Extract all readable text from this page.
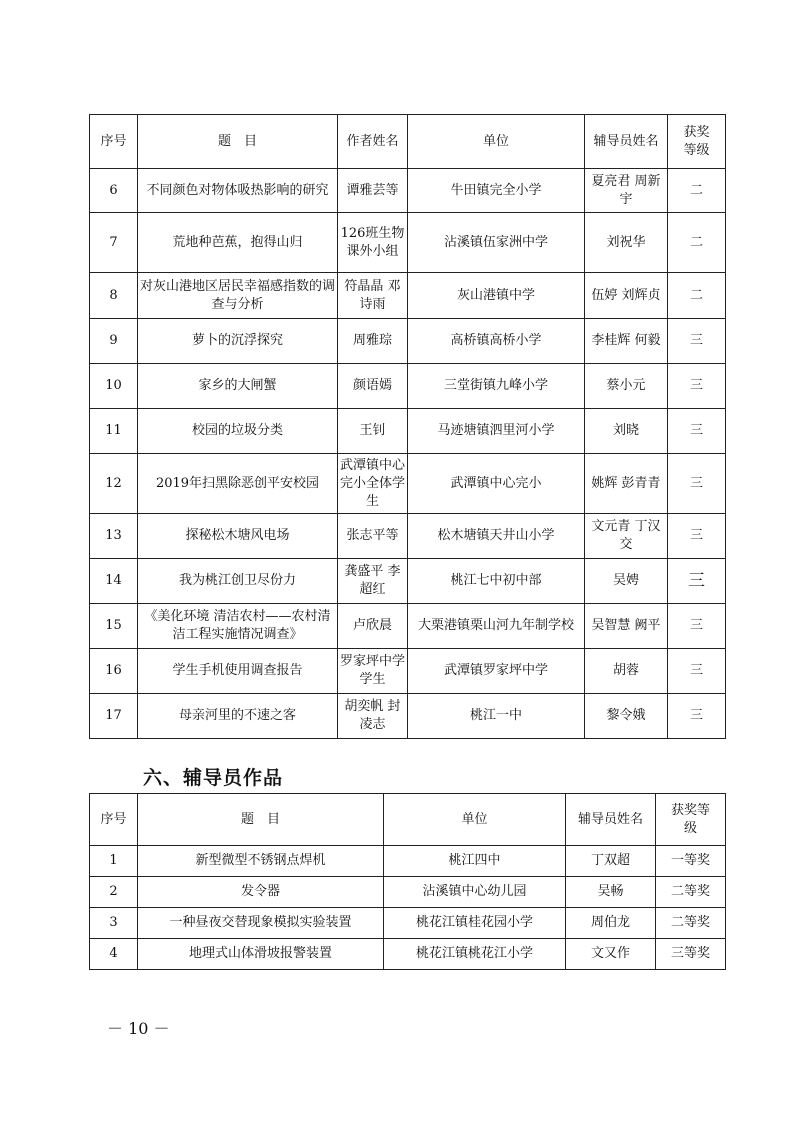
序号	题　目	作者姓名	单位	辅导员姓名	获奖等级
6	不同颜色对物体吸热影响的研究	谭雅芸等	牛田镇完全小学	夏亮君 周新宇	二
7	荒地种芭蕉，抱得山归	126班生物课外小组	沾溪镇伍家洲中学	刘祝华	二
8	对灰山港地区居民幸福感指数的调查与分析	符晶晶 邓诗雨	灰山港镇中学	伍婷 刘辉贞	二
9	萝卜的沉浮探究	周雅琮	高桥镇高桥小学	李桂辉 何毅	三
10	家乡的大闸蟹	颜语嫣	三堂街镇九峰小学	蔡小元	三
11	校园的垃圾分类	王钊	马迹塘镇泗里河小学	刘晓	三
12	2019年扫黑除恶创平安校园	武潭镇中心完小全体学生	武潭镇中心完小	姚辉 彭青青	三
13	探秘松木塘风电场	张志平等	松木塘镇天井山小学	文元青 丁汉交	三
14	我为桃江创卫尽份力	龚盛平 李超红	桃江七中初中部	吴娉	三
15	《美化环境 清洁农村——农村清洁工程实施情况调查》	卢欣晨	大栗港镇栗山河九年制学校	吴智慧 阙平	三
16	学生手机使用调查报告	罗家坪中学学生	武潭镇罗家坪中学	胡蓉	三
17	母亲河里的不速之客	胡奕帆 封凌志	桃江一中	黎令娥	三
六、辅导员作品
序号	题　目	单位	辅导员姓名	获奖等级
1	新型微型不锈钢点焊机	桃江四中	丁双超	一等奖
2	发令器	沾溪镇中心幼儿园	吴畅	二等奖
3	一种昼夜交替现象模拟实验装置	桃花江镇桂花园小学	周伯龙	二等奖
4	地理式山体滑坡报警装置	桃花江镇桃花江小学	文又作	三等奖
－ 10 －
